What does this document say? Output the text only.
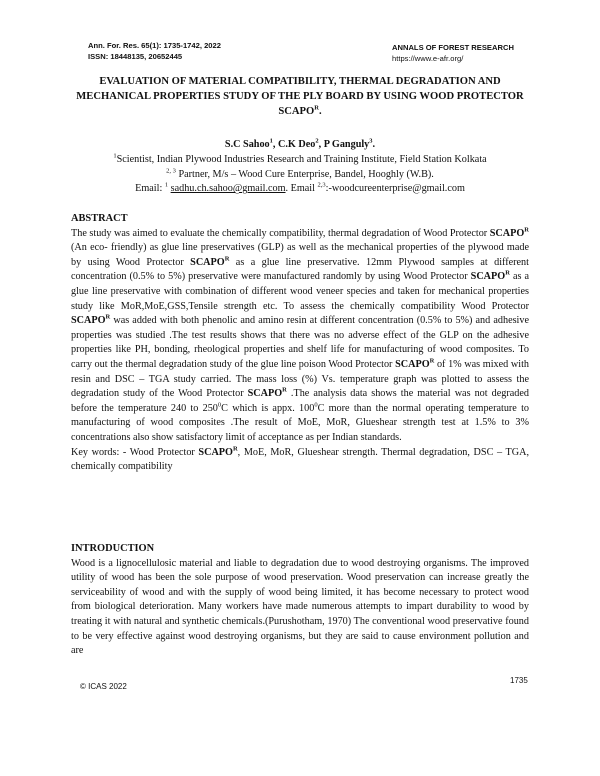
Ann. For. Res. 65(1): 1735-1742, 2022
ISSN: 18448135, 20652445
ANNALS OF FOREST RESEARCH
https://www.e-afr.org/
EVALUATION OF MATERIAL COMPATIBILITY, THERMAL DEGRADATION AND MECHANICAL PROPERTIES STUDY OF THE PLY BOARD BY USING WOOD PROTECTOR $SCAPO^R$.
S.C Sahoo$^1$, C.K Deo$^2$, P Ganguly$^3$.
$^1$Scientist, Indian Plywood Industries Research and Training Institute, Field Station Kolkata
$^{2, 3}$ Partner, M/s – Wood Cure Enterprise, Bandel, Hooghly (W.B).
Email: $^1$ sadhu.ch.sahoo@gmail.com. Email $^{2,3}$:-woodcureenterprise@gmail.com
ABSTRACT

The study was aimed to evaluate the chemically compatibility, thermal degradation of Wood Protector $SCAPO^R$ (An eco- friendly) as glue line preservatives (GLP) as well as the mechanical properties of the plywood made by using Wood Protector $SCAPO^R$ as a glue line preservative. 12mm Plywood samples at different concentration (0.5% to 5%) preservative were manufactured randomly by using Wood Protector $SCAPO^R$ as a glue line preservative with combination of different wood veneer species and taken for mechanical properties study like MoR,MoE,GSS,Tensile strength etc. To assess the chemically compatibility Wood Protector $SCAPO^R$ was added with both phenolic and amino resin at different concentration (0.5% to 5%) and adhesive properties was studied .The test results shows that there was no adverse effect of the GLP on the adhesive properties like PH, bonding, rheological properties and shelf life for manufacturing of wood composites. To carry out the thermal degradation study of the glue line poison Wood Protector $SCAPO^R$ of 1% was mixed with resin and DSC – TGA study carried. The mass loss (%) Vs. temperature graph was plotted to assess the degradation study of the Wood Protector $SCAPO^R$ .The analysis data shows the material was not degraded before the temperature 240 to $250^0C$ which is appx. $100^0C$ more than the normal operating temperature to manufacturing of wood composites .The result of MoE, MoR, Glueshear strength test at 1.5% to 3% concentrations also show satisfactory limit of acceptance as per Indian standards.

Key words: - Wood Protector $SCAPO^R$, MoE, MoR, Glueshear strength. Thermal degradation, DSC – TGA, chemically compatibility

INTRODUCTION

Wood is a lignocellulosic material and liable to degradation due to wood destroying organisms. The improved utility of wood has been the sole purpose of wood preservation. Wood preservation can increase greatly the serviceability of wood and with the supply of wood being limited, it has become necessary to protect wood from biological deterioration. Many workers have made numerous attempts to impart durability to wood by treating it with natural and synthetic chemicals.(Purushotham, 1970) The conventional wood preservative found to be very effective against wood destroying organisms, but they are said to cause environment pollution and are

© ICAS 2022
1735
